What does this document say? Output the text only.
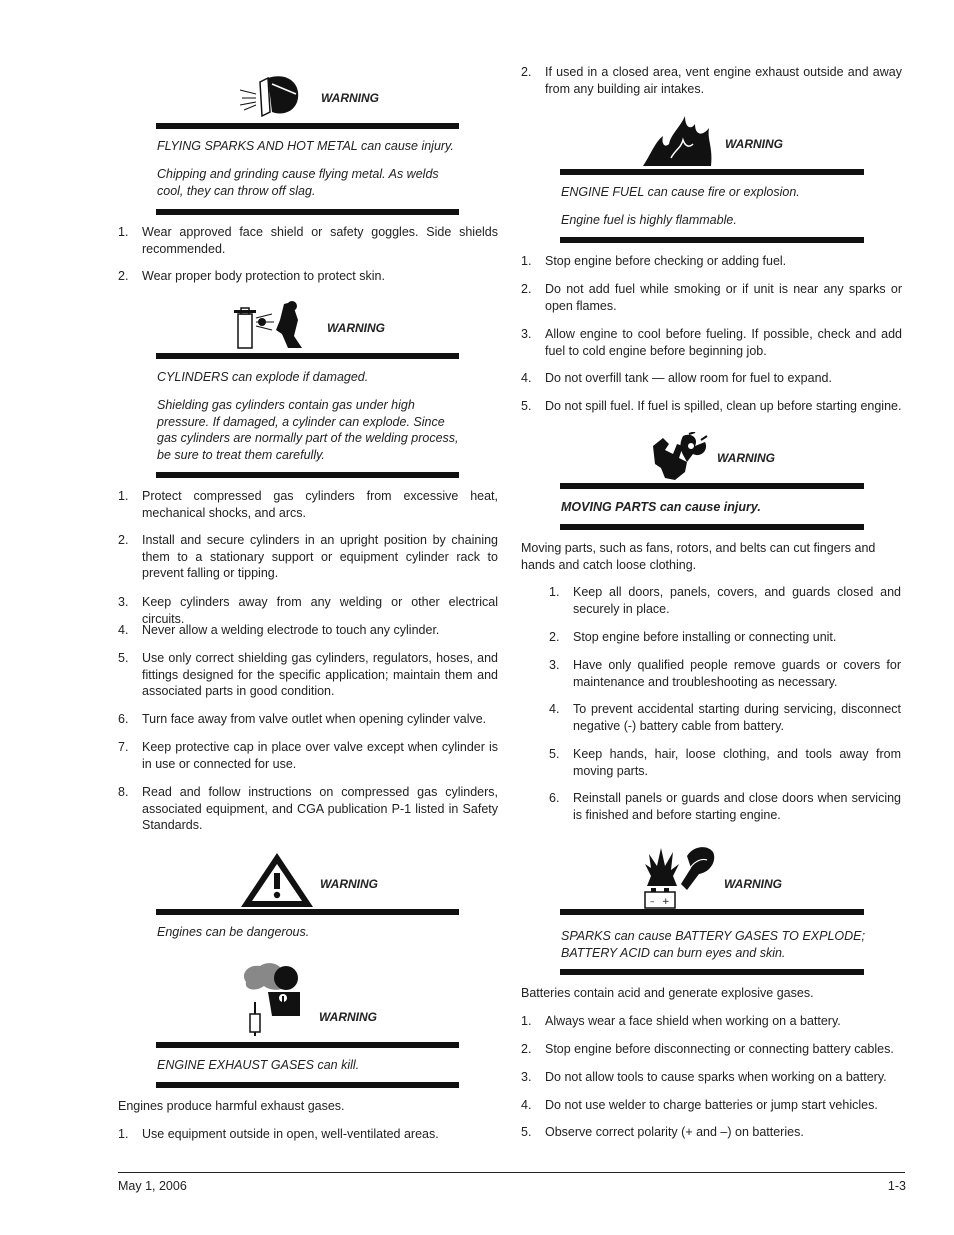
WARNING
FLYING SPARKS AND HOT METAL can cause injury.
Chipping and grinding cause flying metal. As welds cool, they can throw off slag.
1. Wear approved face shield or safety goggles. Side shields recommended.
2. Wear proper body protection to protect skin.
WARNING
CYLINDERS can explode if damaged.
Shielding gas cylinders contain gas under high pressure. If damaged, a cylinder can explode. Since gas cylinders are normally part of the welding process, be sure to treat them carefully.
1. Protect compressed gas cylinders from excessive heat, mechanical shocks, and arcs.
2. Install and secure cylinders in an upright position by chaining them to a stationary support or equipment cylinder rack to prevent falling or tipping.
3. Keep cylinders away from any welding or other electrical circuits.
4. Never allow a welding electrode to touch any cylinder.
5. Use only correct shielding gas cylinders, regulators, hoses, and fittings designed for the specific application; maintain them and associated parts in good condition.
6. Turn face away from valve outlet when opening cylinder valve.
7. Keep protective cap in place over valve except when cylinder is in use or connected for use.
8. Read and follow instructions on compressed gas cylinders, associated equipment, and CGA publication P-1 listed in Safety Standards.
WARNING
Engines can be dangerous.
WARNING
ENGINE EXHAUST GASES can kill.
Engines produce harmful exhaust gases.
1. Use equipment outside in open, well-ventilated areas.
2. If used in a closed area, vent engine exhaust outside and away from any building air intakes.
WARNING
ENGINE FUEL can cause fire or explosion.
Engine fuel is highly flammable.
1. Stop engine before checking or adding fuel.
2. Do not add fuel while smoking or if unit is near any sparks or open flames.
3. Allow engine to cool before fueling. If possible, check and add fuel to cold engine before beginning job.
4. Do not overfill tank — allow room for fuel to expand.
5. Do not spill fuel. If fuel is spilled, clean up before starting engine.
WARNING
MOVING PARTS can cause injury.
Moving parts, such as fans, rotors, and belts can cut fingers and hands and catch loose clothing.
1. Keep all doors, panels, covers, and guards closed and securely in place.
2. Stop engine before installing or connecting unit.
3. Have only qualified people remove guards or covers for maintenance and troubleshooting as necessary.
4. To prevent accidental starting during servicing, disconnect negative (-) battery cable from battery.
5. Keep hands, hair, loose clothing, and tools away from moving parts.
6. Reinstall panels or guards and close doors when servicing is finished and before starting engine.
– +
WARNING
SPARKS can cause BATTERY GASES TO EXPLODE; BATTERY ACID can burn eyes and skin.
Batteries contain acid and generate explosive gases.
1. Always wear a face shield when working on a battery.
2. Stop engine before disconnecting or connecting battery cables.
3. Do not allow tools to cause sparks when working on a battery.
4. Do not use welder to charge batteries or jump start vehicles.
5. Observe correct polarity (+ and –) on batteries.
May 1, 2006	1-3
